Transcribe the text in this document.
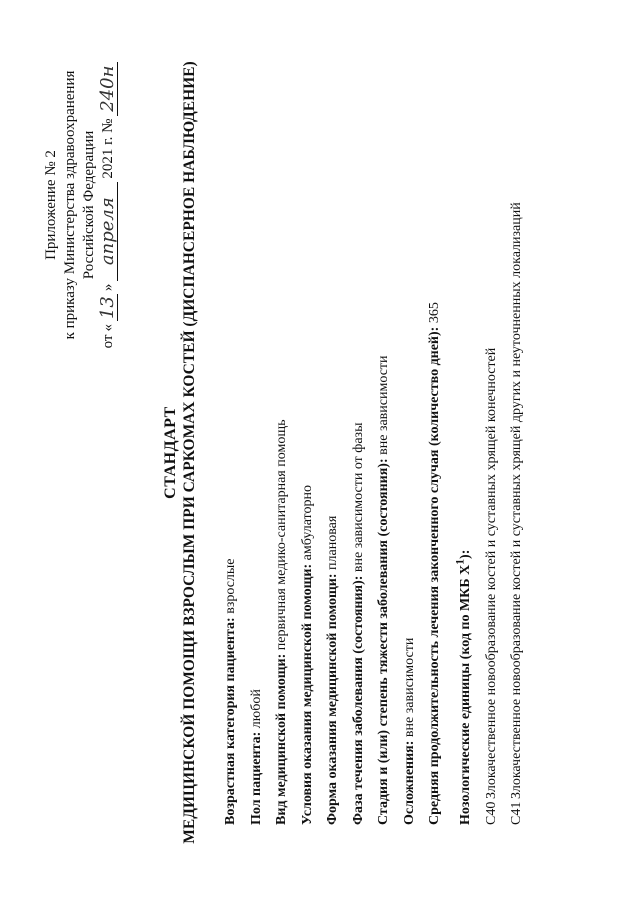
Приложение № 2 к приказу Министерства здравоохранения Российской Федерации
от
«
13
»
апреля
2021 г. №
240н
СТАНДАРТ МЕДИЦИНСКОЙ ПОМОЩИ ВЗРОСЛЫМ ПРИ САРКОМАХ КОСТЕЙ (ДИСПАНСЕРНОЕ НАБЛЮДЕНИЕ)	Возрастная категория пациента: взрослые
Пол пациента: любой Вид медицинской помощи: первичная медико-санитарная помощь
Условия оказания медицинской помощи: амбулаторно
Форма оказания медицинской помощи: плановая
Фаза течения заболевания (состояния): вне зависимости от фазы Стадия и (или) степень тяжести заболевания (состояния): вне зависимости
Осложнения: вне зависимости Средняя продолжительность лечения законченного случая (количество дней): 365
Нозологические единицы (код по МКБ $X^1$):
C40
Злокачественное новообразование костей и суставных хрящей конечностей
C41
Злокачественное новообразование костей и суставных хрящей других и неуточненных локализаций
